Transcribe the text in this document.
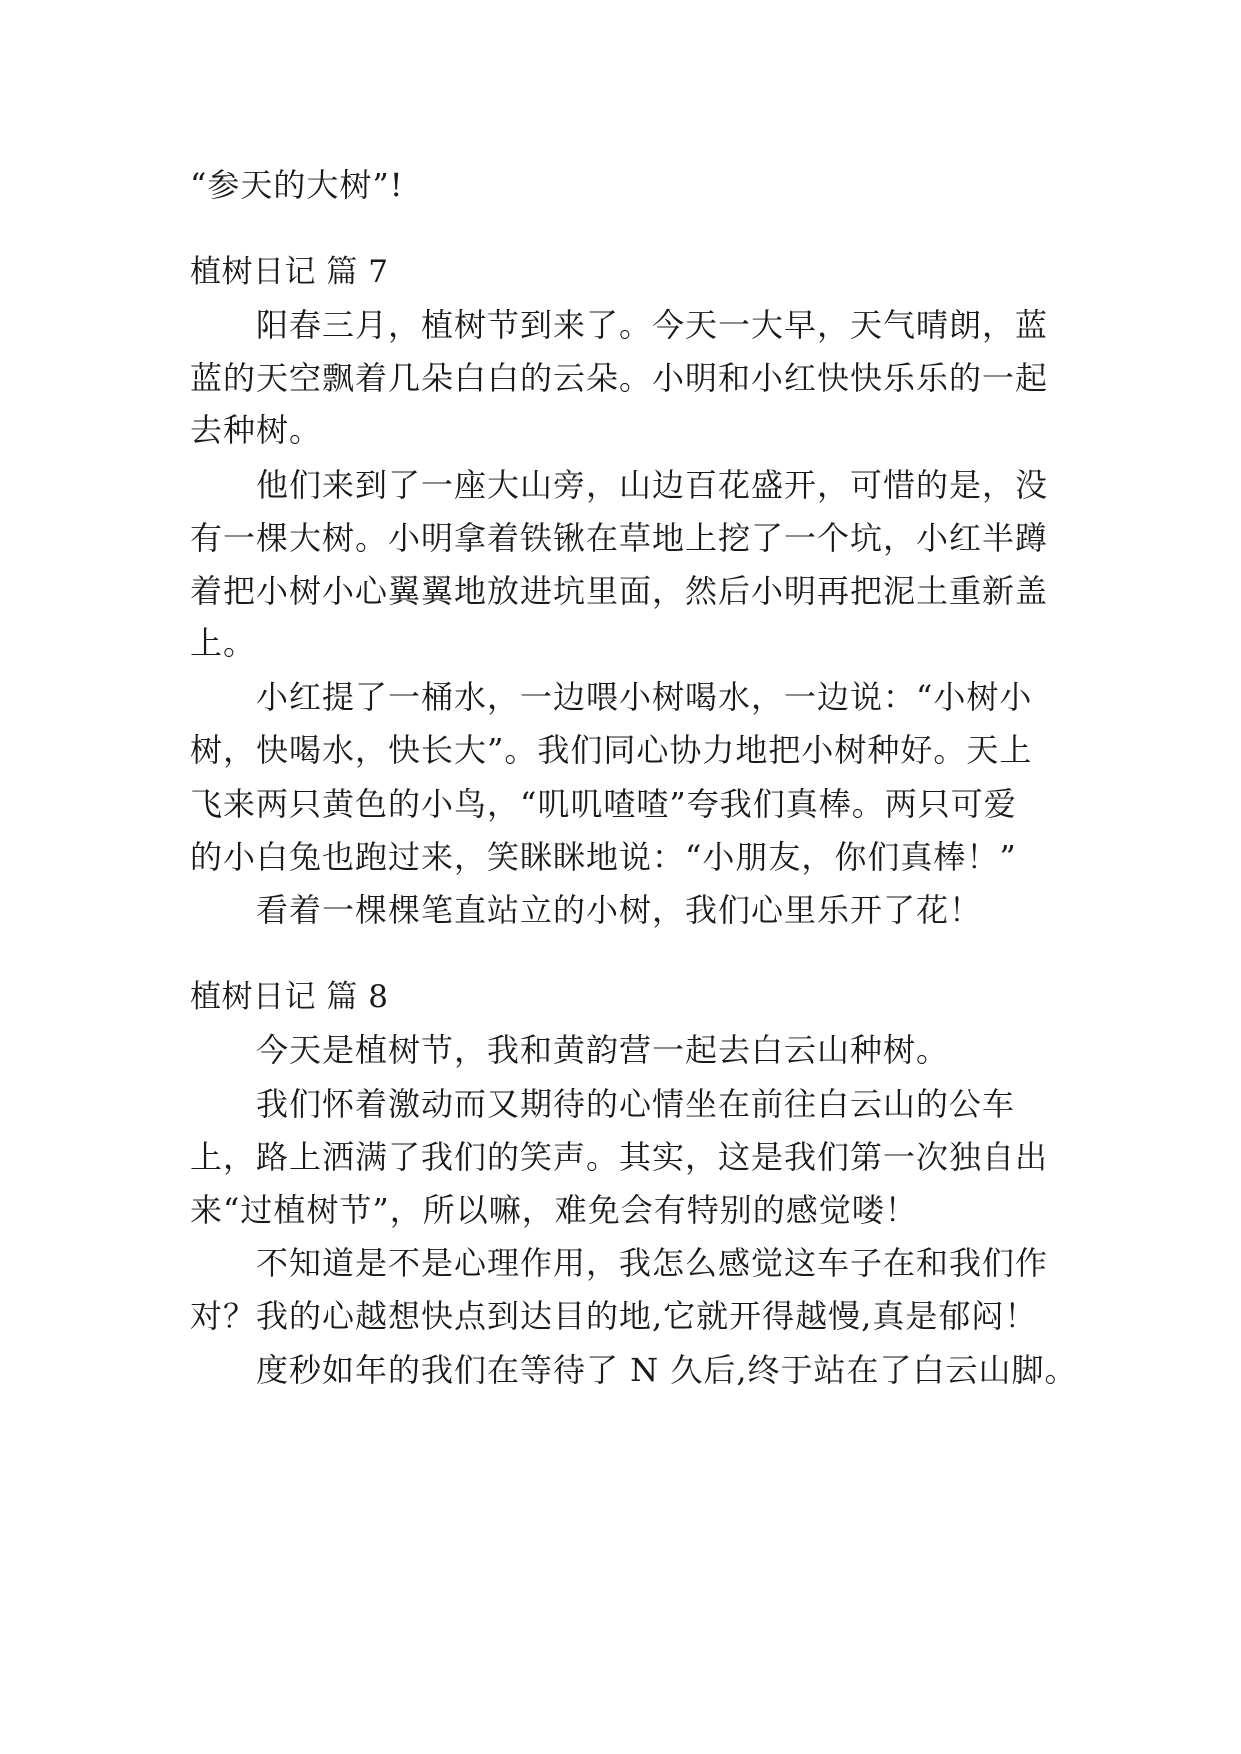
“参天的大树”!
植树日记 篇 7
阳春三月，植树节到来了。今天一大早，天气晴朗，蓝
蓝的天空飘着几朵白白的云朵。小明和小红快快乐乐的一起
去种树。
他们来到了一座大山旁，山边百花盛开，可惜的是，没
有一棵大树。小明拿着铁锹在草地上挖了一个坑，小红半蹲
着把小树小心翼翼地放进坑里面，然后小明再把泥土重新盖
上。
小红提了一桶水，一边喂小树喝水，一边说：“小树小
树，快喝水，快长大”。我们同心协力地把小树种好。天上
飞来两只黄色的小鸟，“叽叽喳喳”夸我们真棒。两只可爱
的小白兔也跑过来，笑眯眯地说：“小朋友，你们真棒！”
看着一棵棵笔直站立的小树，我们心里乐开了花！
植树日记 篇 8
今天是植树节，我和黄韵营一起去白云山种树。
我们怀着激动而又期待的心情坐在前往白云山的公车
上，路上洒满了我们的笑声。其实，这是我们第一次独自出
来“过植树节”，所以嘛，难免会有特别的感觉喽！
不知道是不是心理作用，我怎么感觉这车子在和我们作
对？我的心越想快点到达目的地,它就开得越慢,真是郁闷！
度秒如年的我们在等待了 N 久后,终于站在了白云山脚。
